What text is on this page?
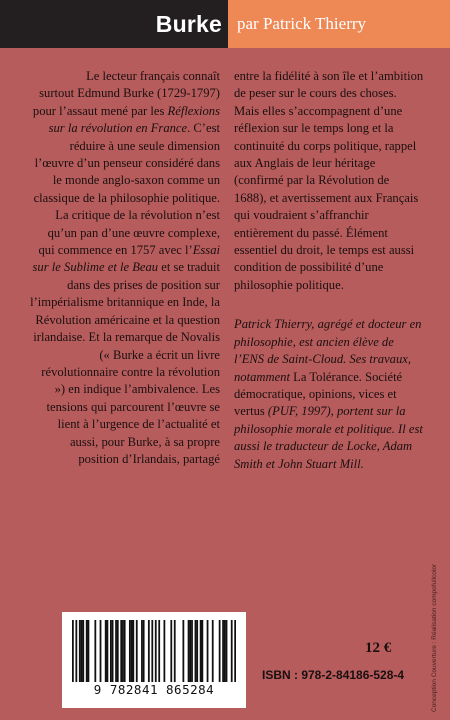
Burke par Patrick Thierry

Le lecteur français connaît surtout Edmund Burke (1729-1797) pour l’assaut mené par les Réflexions sur la révolution en France. C’est réduire à une seule dimension l’œuvre d’un penseur considéré dans le monde anglo-saxon comme un classique de la philosophie politique. La critique de la révolution n’est qu’un pan d’une œuvre complexe, qui commence en 1757 avec l’Essai sur le Sublime et le Beau et se traduit dans des prises de position sur l’impérialisme britannique en Inde, la Révolution américaine et la question irlandaise. Et la remarque de Novalis (« Burke a écrit un livre révolutionnaire contre la révolution ») en indique l’ambivalence. Les tensions qui parcourent l’œuvre se lient à l’urgence de l’actualité et aussi, pour Burke, à sa propre position d’Irlandais, partagé

entre la fidélité à son île et l’ambition de peser sur le cours des choses. Mais elles s’accompagnent d’une réflexion sur le temps long et la continuité du corps politique, rappel aux Anglais de leur héritage (confirmé par la Révolution de 1688), et avertissement aux Français qui voudraient s’affranchir entièrement du passé. Élément essentiel du droit, le temps est aussi condition de possibilité d’une philosophie politique.

Patrick Thierry, agrégé et docteur en philosophie, est ancien élève de l’ENS de Saint-Cloud. Ses travaux, notamment La Tolérance. Société démocratique, opinions, vices et vertus (PUF, 1997), portent sur la philosophie morale et politique. Il est aussi le traducteur de Locke, Adam Smith et John Stuart Mill.

9 782841 865284
12 €
ISBN : 978-2-84186-528-4	Conception Couverture : Réalisation compofullcolor
